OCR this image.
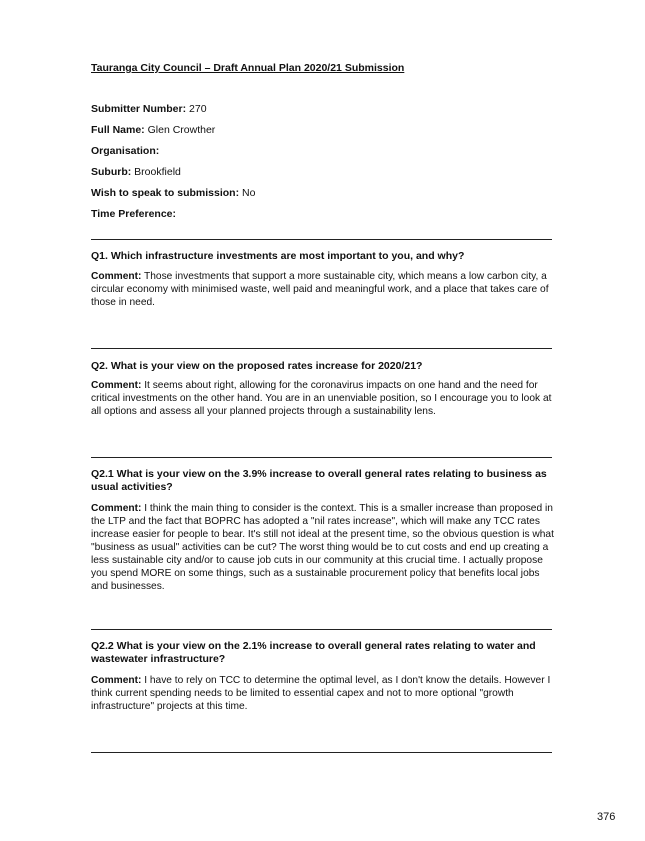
Tauranga City Council – Draft Annual Plan 2020/21 Submission
Submitter Number: 270
Full Name: Glen Crowther
Organisation:
Suburb: Brookfield
Wish to speak to submission: No
Time Preference:
Q1. Which infrastructure investments are most important to you, and why?
Comment: Those investments that support a more sustainable city, which means a low carbon city, a circular economy with minimised waste, well paid and meaningful work, and a place that takes care of those in need.
Q2. What is your view on the proposed rates increase for 2020/21?
Comment: It seems about right, allowing for the coronavirus impacts on one hand and the need for critical investments on the other hand. You are in an unenviable position, so I encourage you to look at all options and assess all your planned projects through a sustainability lens.
Q2.1 What is your view on the 3.9% increase to overall general rates relating to business as usual activities?
Comment: I think the main thing to consider is the context. This is a smaller increase than proposed in the LTP and the fact that BOPRC has adopted a "nil rates increase", which will make any TCC rates increase easier for people to bear. It's still not ideal at the present time, so the obvious question is what "business as usual" activities can be cut? The worst thing would be to cut costs and end up creating a less sustainable city and/or to cause job cuts in our community at this crucial time. I actually propose you spend MORE on some things, such as a sustainable procurement policy that benefits local jobs and businesses.
Q2.2 What is your view on the 2.1% increase to overall general rates relating to water and wastewater infrastructure?
Comment: I have to rely on TCC to determine the optimal level, as I don't know the details. However I think current spending needs to be limited to essential capex and not to more optional "growth infrastructure" projects at this time.
376
